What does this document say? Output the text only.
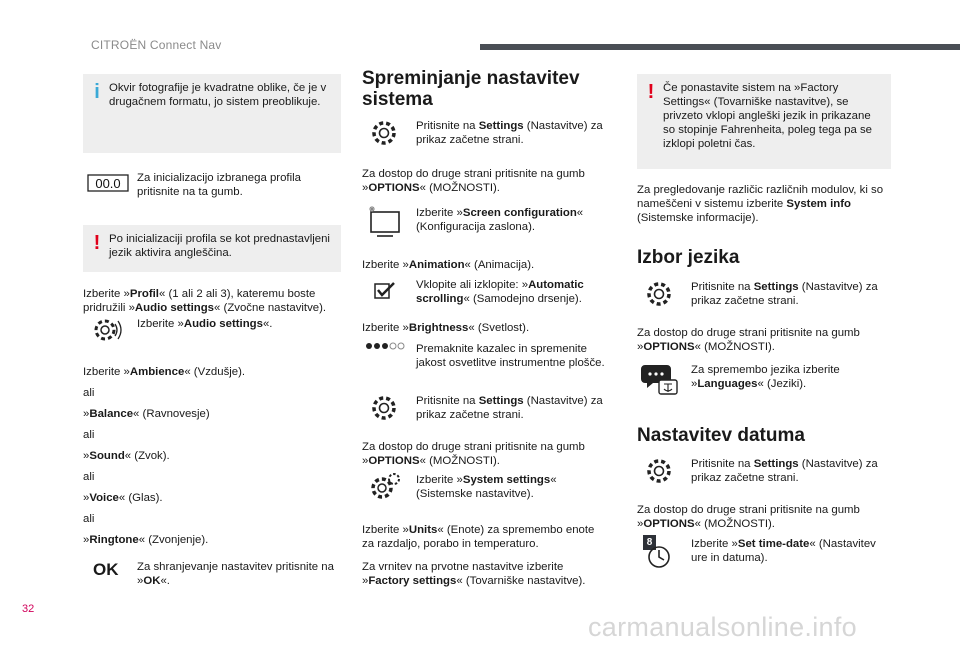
CITROËN Connect Nav
i Okvir fotografije je kvadratne oblike, če je v drugačnem formatu, jo sistem preoblikuje.

00.0 Za inicializacijo izbranega profila pritisnite na ta gumb.

! Po inicializaciji profila se kot prednastavljeni jezik aktivira angleščina.

Izberite »Profil« (1 ali 2 ali 3), kateremu boste pridružili »Audio settings« (Zvočne nastavitve).

Izberite »Audio settings«.

Izberite »Ambience« (Vzdušje).

ali

»Balance« (Ravnovesje)

ali

»Sound« (Zvok).

ali

»Voice« (Glas).

ali

»Ringtone« (Zvonjenje).

OK Za shranjevanje nastavitev pritisnite na »OK«.

Spreminjanje nastavitev sistema

Pritisnite na Settings (Nastavitve) za prikaz začetne strani.

Za dostop do druge strani pritisnite na gumb »OPTIONS« (MOŽNOSTI).

Izberite »Screen configuration« (Konfiguracija zaslona).

Izberite »Animation« (Animacija).

Vklopite ali izklopite: »Automatic scrolling« (Samodejno drsenje).

Izberite »Brightness« (Svetlost).

Premaknite kazalec in spremenite jakost osvetlitve instrumentne plošče.

Pritisnite na Settings (Nastavitve) za prikaz začetne strani.

Za dostop do druge strani pritisnite na gumb »OPTIONS« (MOŽNOSTI).

Izberite »System settings« (Sistemske nastavitve).

Izberite »Units« (Enote) za spremembo enote za razdaljo, porabo in temperaturo.

Za vrnitev na prvotne nastavitve izberite »Factory settings« (Tovarniške nastavitve).

! Če ponastavite sistem na »Factory Settings« (Tovarniške nastavitve), se privzeto vklopi angleški jezik in prikazane so stopinje Fahrenheita, poleg tega pa se izklopi poletni čas.

Za pregledovanje različic različnih modulov, ki so nameščeni v sistemu izberite System info (Sistemske informacije).

Izbor jezika

Pritisnite na Settings (Nastavitve) za prikaz začetne strani.

Za dostop do druge strani pritisnite na gumb »OPTIONS« (MOŽNOSTI).

Za spremembo jezika izberite »Languages« (Jeziki).

Nastavitev datuma

Pritisnite na Settings (Nastavitve) za prikaz začetne strani.

Za dostop do druge strani pritisnite na gumb »OPTIONS« (MOŽNOSTI).

8	Izberite »Set time-date« (Nastavitev ure in datuma).

32
carmanualsonline.info
